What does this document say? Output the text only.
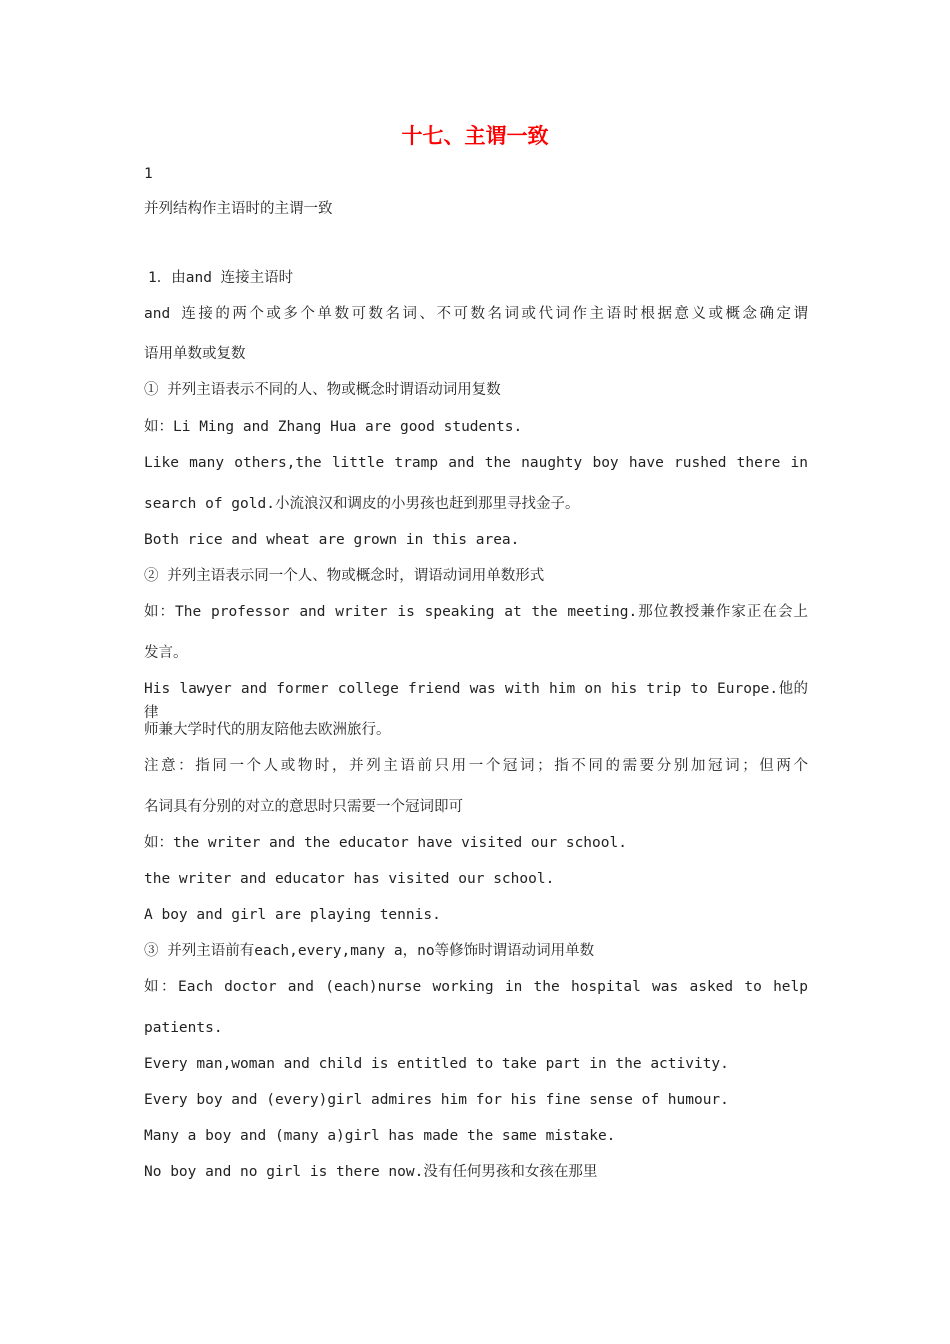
十七、主谓一致
1
并列结构作主语时的主谓一致
1．由and 连接主语时
and 连接的两个或多个单数可数名词、不可数名词或代词作主语时根据意义或概念确定谓
语用单数或复数
① 并列主语表示不同的人、物或概念时谓语动词用复数
如：Li Ming and Zhang Hua are good students.
Like many others,the little tramp and the naughty boy have rushed there in
search of gold.小流浪汉和调皮的小男孩也赶到那里寻找金子。
Both rice and wheat are grown in this area.
② 并列主语表示同一个人、物或概念时，谓语动词用单数形式
如：The professor and writer is speaking at the meeting.那位教授兼作家正在会上
发言。
His lawyer and former college friend was with him on his trip to Europe.他的律
师兼大学时代的朋友陪他去欧洲旅行。
注意：指同一个人或物时，并列主语前只用一个冠词；指不同的需要分别加冠词；但两个
名词具有分别的对立的意思时只需要一个冠词即可
如：the writer and the educator have visited our school.
the writer and educator has visited our school.
A boy and girl are playing tennis.
③ 并列主语前有each,every,many a，no等修饰时谓语动词用单数
如：Each doctor and (each)nurse working in the hospital was asked to help
patients.
Every man,woman and child is entitled to take part in the activity.
Every boy and (every)girl admires him for his fine sense of humour.
Many a boy and (many a)girl has made the same mistake.
No boy and no girl is there now.没有任何男孩和女孩在那里
